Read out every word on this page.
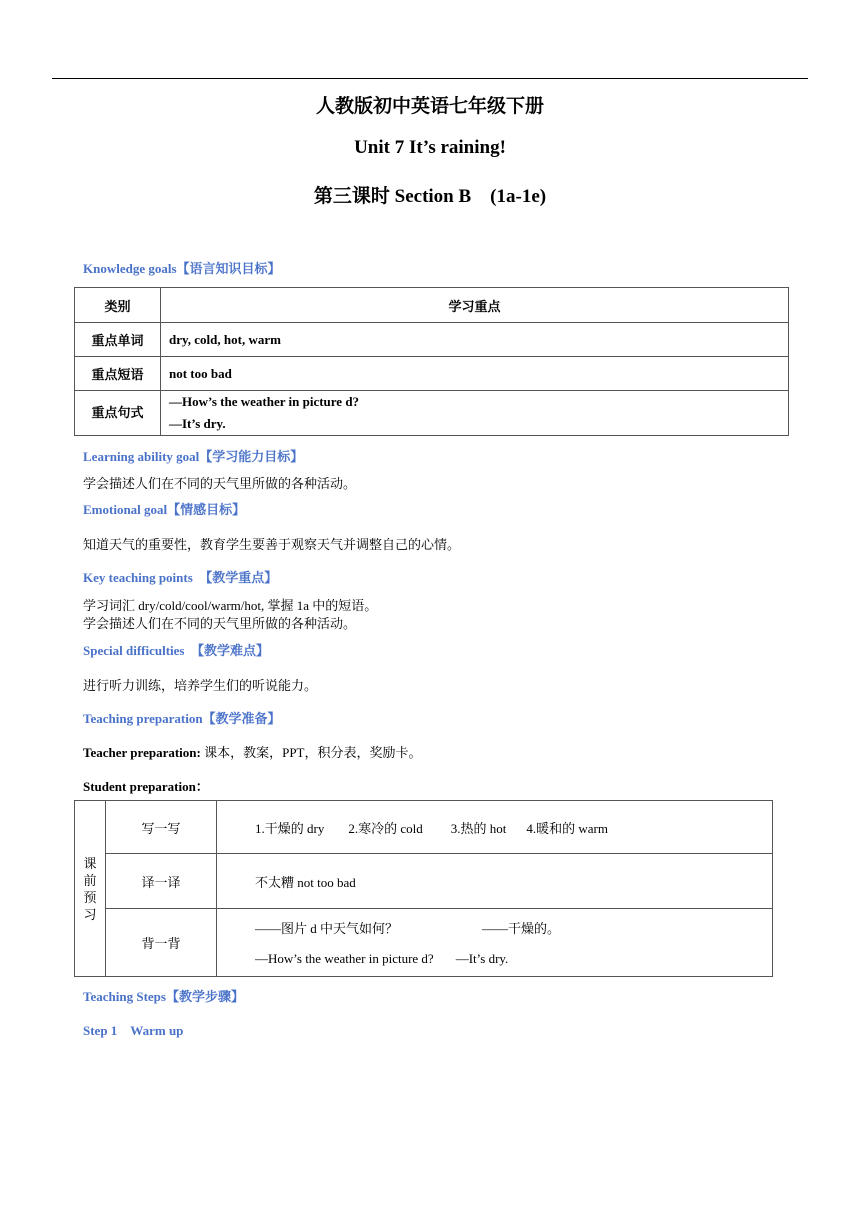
人教版初中英语七年级下册
Unit 7 It’s raining!
第三课时 Section B　(1a-1e)
Knowledge goals【语言知识目标】
类别	学习重点
重点单词	dry, cold, hot, warm
重点短语	not too bad
重点句式	—How’s the weather in picture d?
—It’s dry.
Learning ability goal【学习能力目标】
学会描述人们在不同的天气里所做的各种活动。
Emotional goal【情感目标】
知道天气的重要性，教育学生要善于观察天气并调整自己的心情。
Key teaching points　【教学重点】
学习词汇 dry/cold/cool/warm/hot, 掌握 1a 中的短语。
学会描述人们在不同的天气里所做的各种活动。
Special difficulties　【教学难点】
进行听力训练，培养学生们的听说能力。
Teaching preparation【教学准备】
Teacher preparation: 课本，教案，PPT，积分表，奖励卡。
Student preparation：
课
前
预
习	写一写	1.干燥的 dry 2.寒冷的 cold 3.热的 hot 4.暖和的 warm
	译一译	不太糟 not too bad
	背一背	——图片 d 中天气如何？ ——干燥的。
—How’s the weather in picture d? —It’s dry.
Teaching Steps【教学步骤】
Step 1　Warm up
